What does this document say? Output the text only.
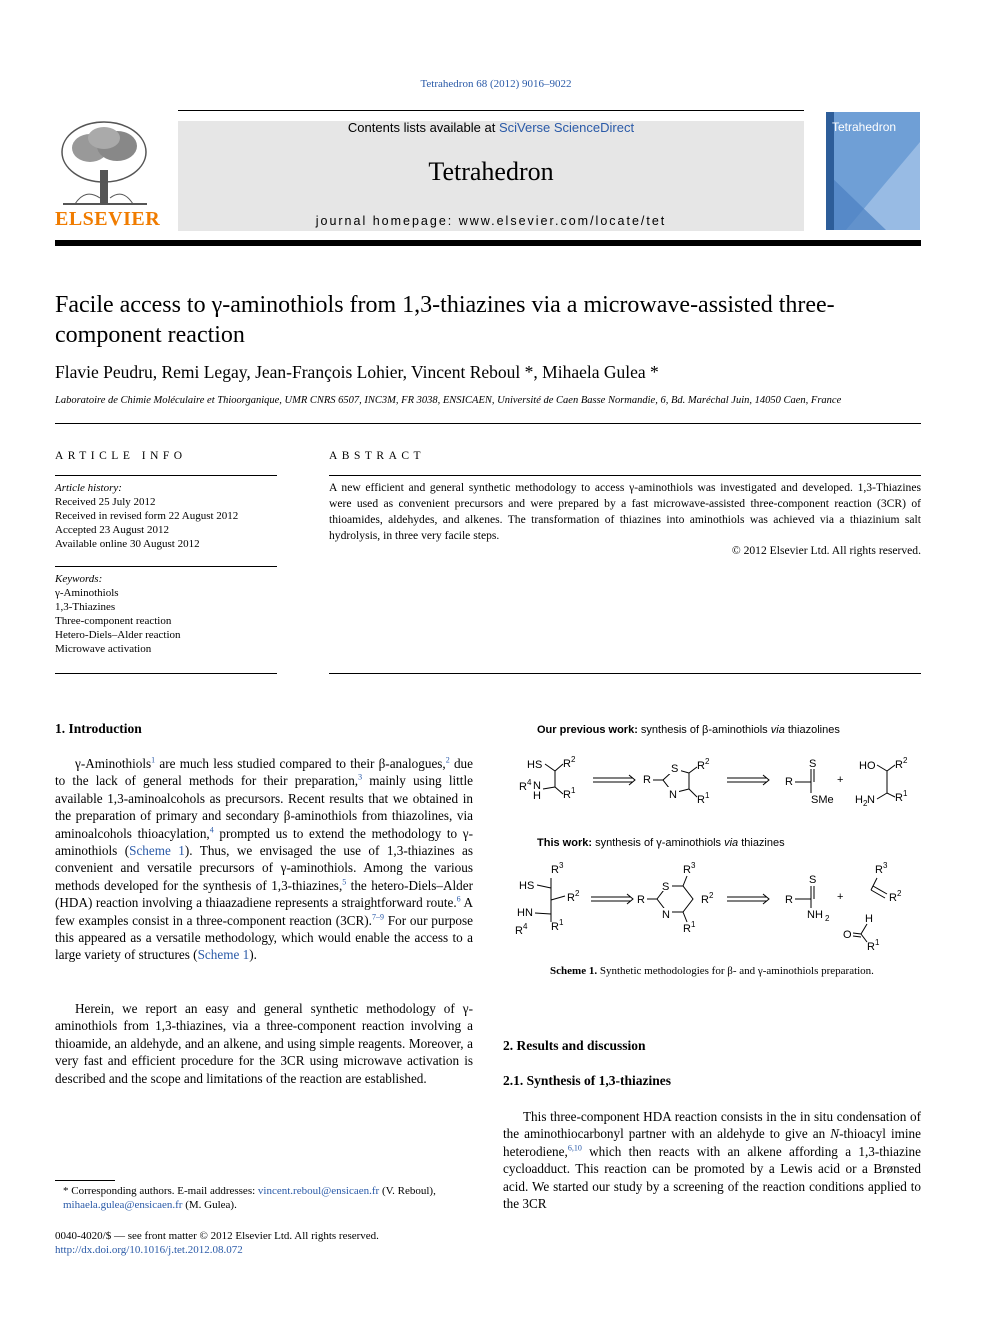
Tetrahedron 68 (2012) 9016–9022
ELSEVIER
Contents lists available at SciVerse ScienceDirect
Tetrahedron
journal homepage: www.elsevier.com/locate/tet
Tetrahedron
Facile access to γ-aminothiols from 1,3-thiazines via a microwave-assisted three-component reaction
Flavie Peudru, Remi Legay, Jean-François Lohier, Vincent Reboul *, Mihaela Gulea *
Laboratoire de Chimie Moléculaire et Thioorganique, UMR CNRS 6507, INC3M, FR 3038, ENSICAEN, Université de Caen Basse Normandie, 6, Bd. Maréchal Juin, 14050 Caen, France
ARTICLE INFO
Article history:
Received 25 July 2012
Received in revised form 22 August 2012
Accepted 23 August 2012
Available online 30 August 2012
Keywords:
γ-Aminothiols
1,3-Thiazines
Three-component reaction
Hetero-Diels–Alder reaction
Microwave activation
ABSTRACT
A new efficient and general synthetic methodology to access γ-aminothiols was investigated and developed. 1,3-Thiazines were used as convenient precursors and were prepared by a fast microwave-assisted three-component reaction (3CR) of thioamides, aldehydes, and alkenes. The transformation of thiazines into aminothiols was achieved via a thiazinium salt hydrolysis, in three very facile steps.
© 2012 Elsevier Ltd. All rights reserved.
1. Introduction
γ-Aminothiols$^1$ are much less studied compared to their β-analogues,$^2$ due to the lack of general methods for their preparation,$^3$ mainly using little available 1,3-aminoalcohols as precursors. Recent results that we obtained in the preparation of primary and secondary β-aminothiols from thiazolines, via aminoalcohols thioacylation,$^4$ prompted us to extend the methodology to γ-aminothiols (Scheme 1). Thus, we envisaged the use of 1,3-thiazines as convenient and versatile precursors of γ-aminothiols. Among the various methods developed for the synthesis of 1,3-thiazines,$^5$ the hetero-Diels–Alder (HDA) reaction involving a thiaazadiene represents a straightforward route.$^6$ A few examples consist in a three-component reaction (3CR).$^{7-9}$ For our purpose this appeared as a versatile methodology, which would enable the access to a large variety of structures (Scheme 1).
Herein, we report an easy and general synthetic methodology of γ-aminothiols from 1,3-thiazines, via a three-component reaction involving a thioamide, an aldehyde, and an alkene, and using simple reagents. Moreover, a very fast and efficient procedure for the 3CR using microwave activation is described and the scope and limitations of the reaction are established.
Our previous work: synthesis of β-aminothiols via thiazolines
HS R 2
R 1
R 4
H
N	R
S
N
R 2
R 1
R
S
SMe
+
HO R 2
H 2 N R 1
This work: synthesis of γ-aminothiols via thiazines
R 3
HS
R 2
HN
R 4 R 1
R
S
N
R 3
R 2
R 1
R
S
NH 2
+
R 3
R 2
H
O
R 1
Scheme 1. Synthetic methodologies for β- and γ-aminothiols preparation.
2. Results and discussion
2.1. Synthesis of 1,3-thiazines
This three-component HDA reaction consists in the in situ condensation of the aminothiocarbonyl partner with an aldehyde to give an N-thioacyl imine heterodiene,$^{6,10}$ which then reacts with an alkene affording a 1,3-thiazine cycloadduct. This reaction can be promoted by a Lewis acid or a Brønsted acid. We started our study by a screening of the reaction conditions applied to the 3CR
* Corresponding authors. E-mail addresses: vincent.reboul@ensicaen.fr (V. Reboul),
mihaela.gulea@ensicaen.fr (M. Gulea).
0040-4020/$ — see front matter © 2012 Elsevier Ltd. All rights reserved.
http://dx.doi.org/10.1016/j.tet.2012.08.072
